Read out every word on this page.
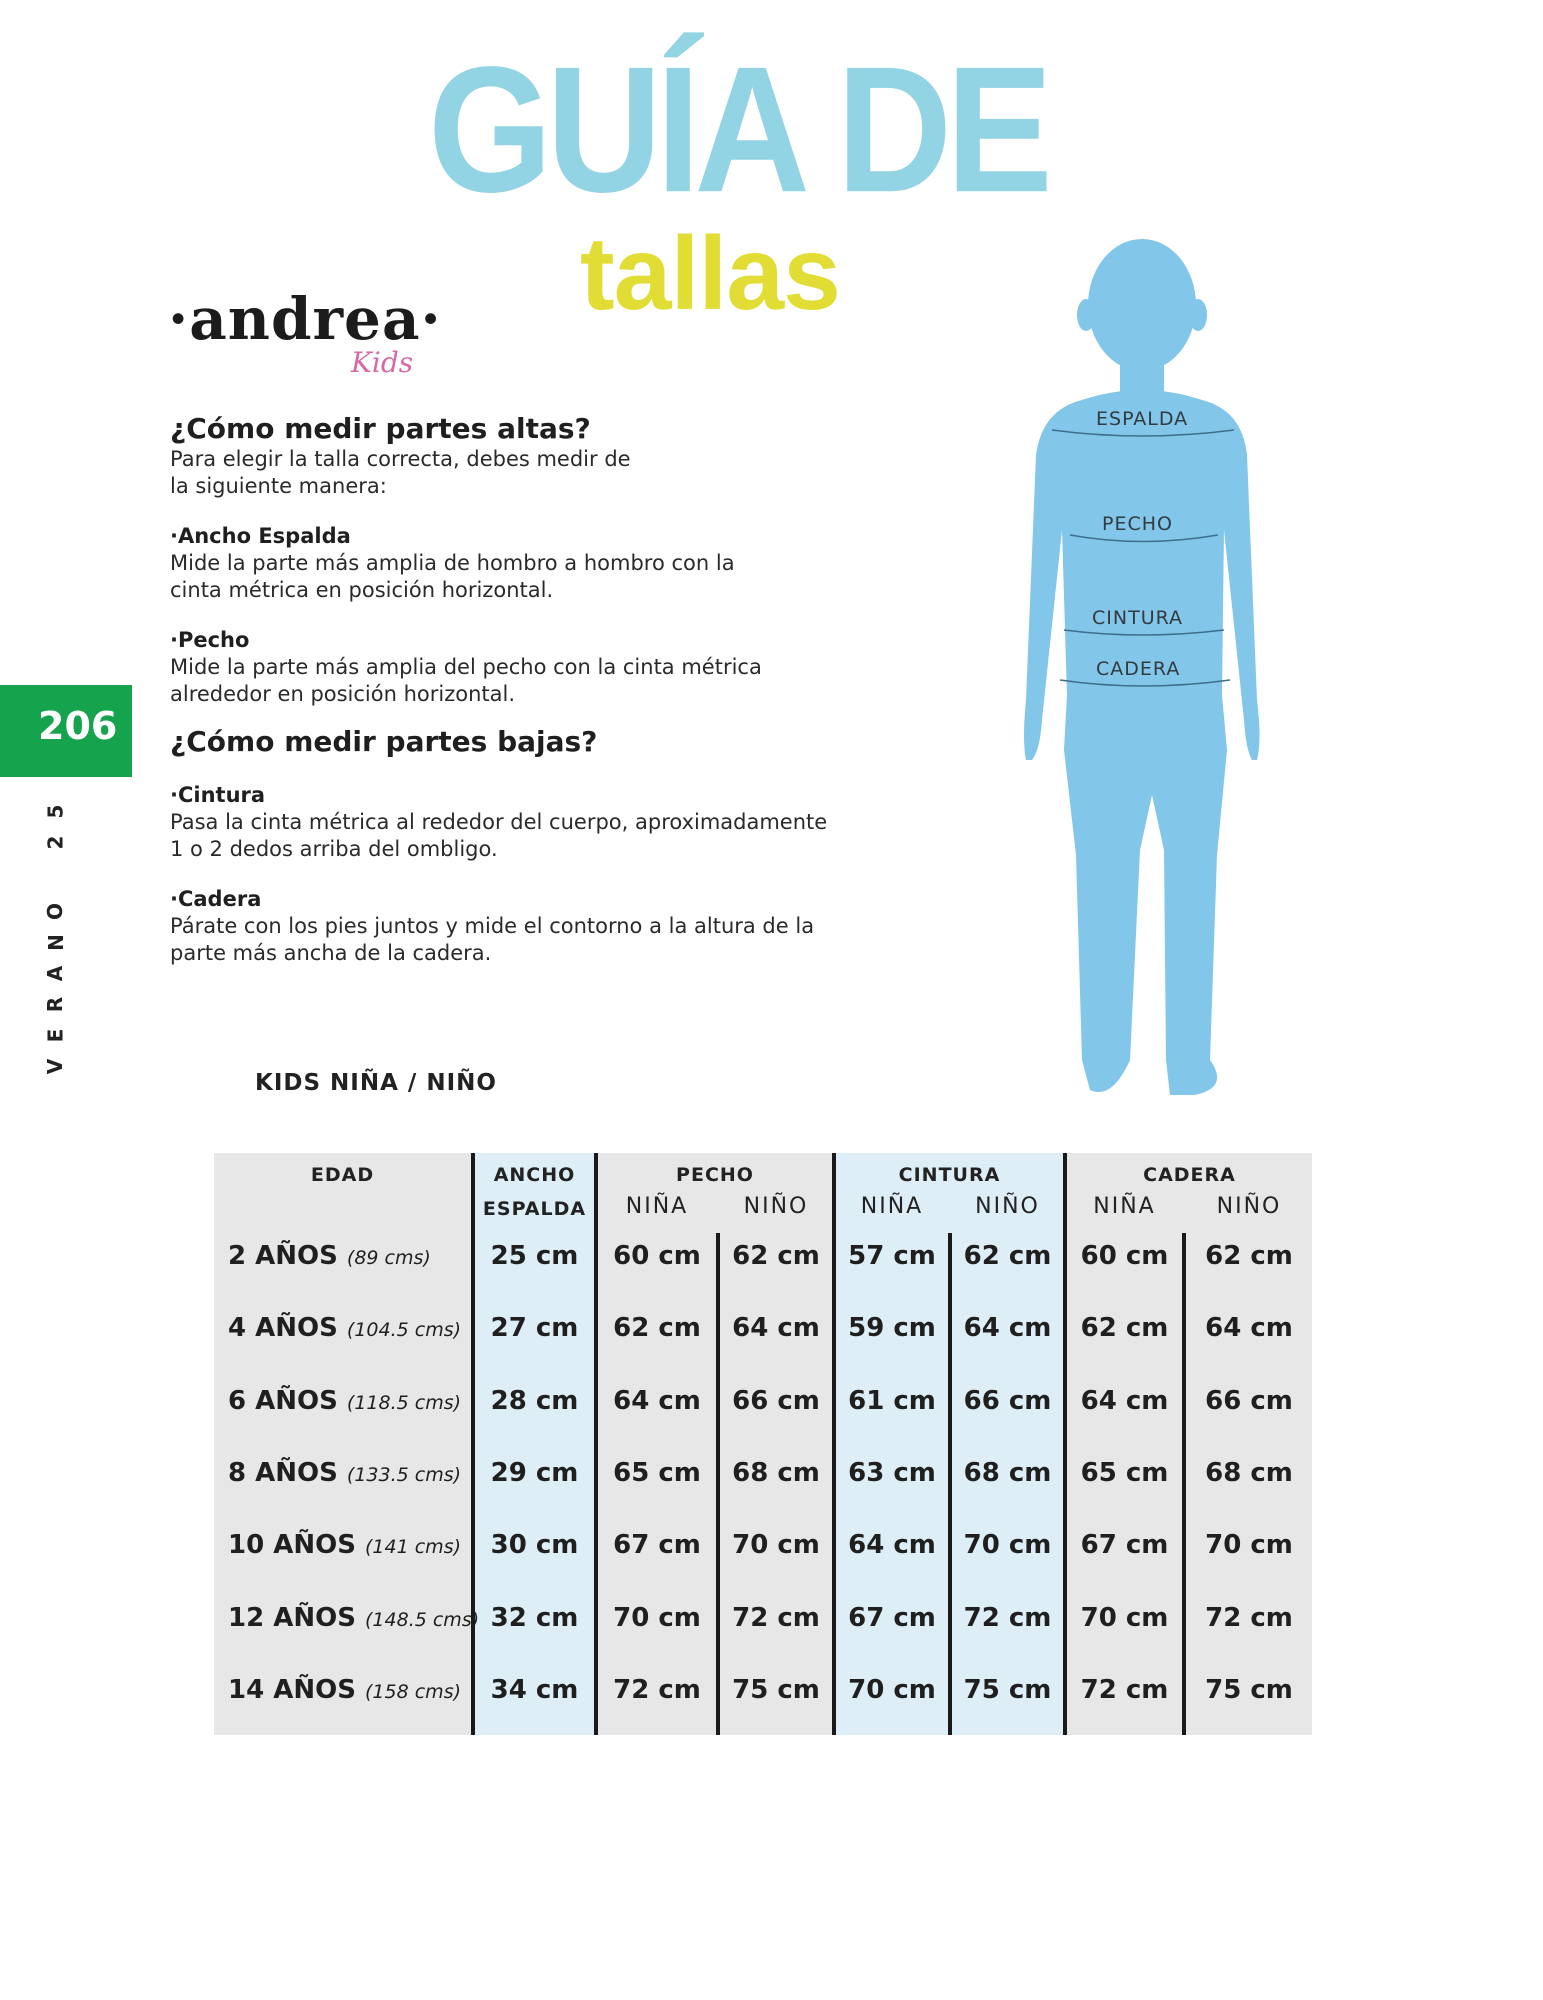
GUÍA DE
tallas
·andrea·
Kids

¿Cómo medir partes altas?

Para elegir la talla correcta, debes medir de

la siguiente manera:

·Ancho Espalda

Mide la parte más amplia de hombro a hombro con la

cinta métrica en posición horizontal.

·Pecho

Mide la parte más amplia del pecho con la cinta métrica

alrededor en posición horizontal.

¿Cómo medir partes bajas?

·Cintura

Pasa la cinta métrica al rededor del cuerpo, aproximadamente

1 o 2 dedos arriba del ombligo.

·Cadera

Párate con los pies juntos y mide el contorno a la altura de la

parte más ancha de la cadera.

206
5
2
O
N
A
R
E
V
ESPALDA
PECHO
CINTURA
CADERA
KIDS NIÑA / NIÑO
EDAD	ANCHO
ESPALDA
PECHO	CINTURA	CADERA
NIÑA	NIÑO	NIÑA	NIÑO	NIÑA	NIÑO
2 AÑOS (89 cms)	25 cm	60 cm	62 cm	57 cm	62 cm	60 cm	62 cm
4 AÑOS (104.5 cms)	27 cm	62 cm	64 cm	59 cm	64 cm	62 cm	64 cm
6 AÑOS (118.5 cms)	28 cm	64 cm	66 cm	61 cm	66 cm	64 cm	66 cm
8 AÑOS (133.5 cms)	29 cm	65 cm	68 cm	63 cm	68 cm	65 cm	68 cm
10 AÑOS (141 cms)	30 cm	67 cm	70 cm	64 cm	70 cm	67 cm	70 cm
12 AÑOS (148.5 cms) 32 cm	70 cm	72 cm	67 cm	72 cm	70 cm	72 cm
14 AÑOS (158 cms)	34 cm	72 cm	75 cm	70 cm	75 cm	72 cm	75 cm
